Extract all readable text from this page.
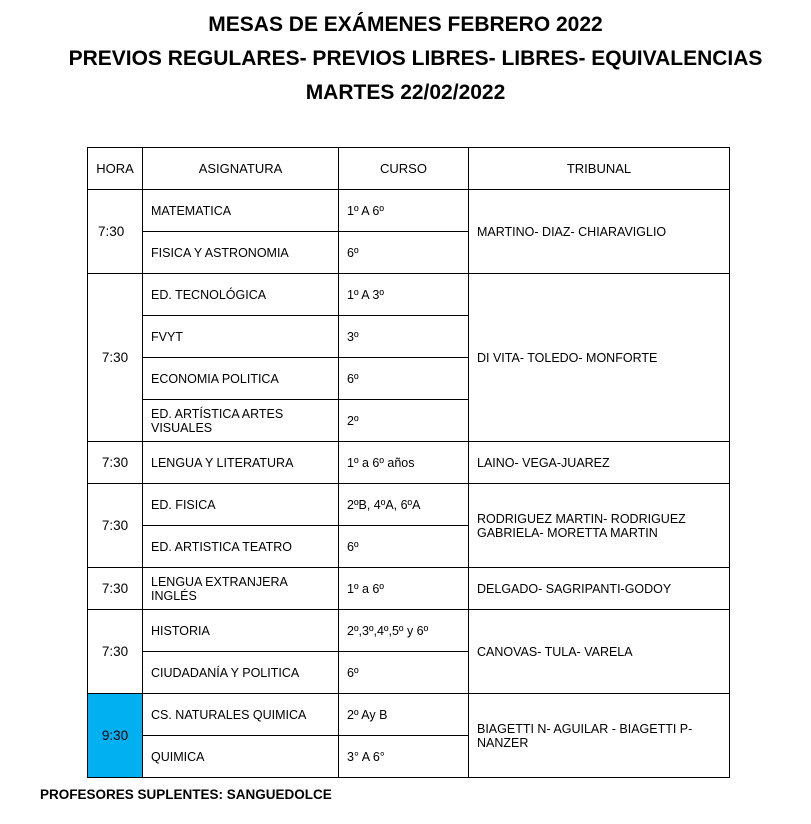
MESAS DE EXÁMENES FEBRERO 2022
PREVIOS REGULARES- PREVIOS LIBRES- LIBRES- EQUIVALENCIAS
MARTES 22/02/2022
HORA	ASIGNATURA	CURSO	TRIBUNAL
7:30	MATEMATICA	1º A 6º	MARTINO- DIAZ- CHIARAVIGLIO
	FISICA Y ASTRONOMIA	6º	
7:30	ED. TECNOLÓGICA	1º A 3º	DI VITA- TOLEDO- MONFORTE
	FVYT	3º	
	ECONOMIA POLITICA	6º	
	ED. ARTÍSTICA ARTES VISUALES	2º	
7:30	LENGUA Y LITERATURA	1º a 6º años	LAINO- VEGA-JUAREZ
7:30	ED. FISICA	2ºB, 4ºA, 6ºA	RODRIGUEZ MARTIN- RODRIGUEZ GABRIELA- MORETTA MARTIN
	ED. ARTISTICA TEATRO	6º	
7:30	LENGUA EXTRANJERA INGLÉS	1º a 6º	DELGADO- SAGRIPANTI-GODOY
7:30	HISTORIA	2º,3º,4º,5º y 6º	CANOVAS- TULA- VARELA
	CIUDADANÍA Y POLITICA	6º	
9:30	CS. NATURALES QUIMICA	2º Ay B	BIAGETTI N- AGUILAR - BIAGETTI P-NANZER
	QUIMICA	3° A 6°	
PROFESORES SUPLENTES: SANGUEDOLCE
